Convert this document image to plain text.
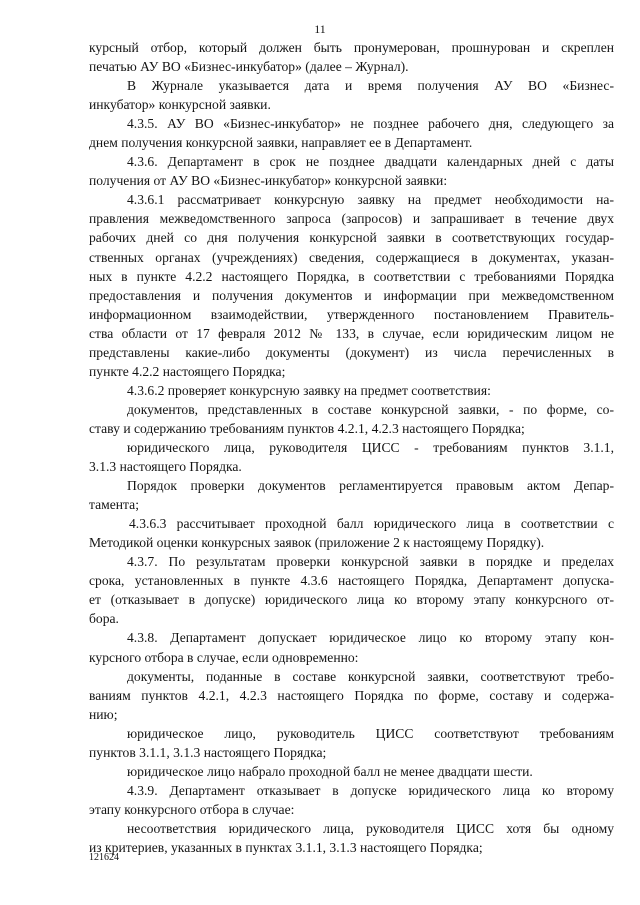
11
курсный отбор, который должен быть пронумерован, прошнурован и скреплен
печатью АУ ВО «Бизнес-инкубатор» (далее – Журнал).
В Журнале указывается дата и время получения АУ ВО «Бизнес-
инкубатор» конкурсной заявки.
4.3.5. АУ ВО «Бизнес-инкубатор» не позднее рабочего дня, следующего за
днем получения конкурсной заявки, направляет ее в Департамент.
4.3.6. Департамент в срок не позднее двадцати календарных дней с даты
получения от АУ ВО «Бизнес-инкубатор» конкурсной заявки:
4.3.6.1 рассматривает конкурсную заявку на предмет необходимости на-
правления межведомственного запроса (запросов) и запрашивает в течение двух
рабочих дней со дня получения конкурсной заявки в соответствующих государ-
ственных органах (учреждениях) сведения, содержащиеся в документах, указан-
ных в пункте 4.2.2 настоящего Порядка, в соответствии с требованиями Порядка
предоставления и получения документов и информации при межведомственном
информационном взаимодействии, утвержденного постановлением Правитель-
ства области от 17 февраля 2012 № 133, в случае, если юридическим лицом не
представлены какие-либо документы (документ) из числа перечисленных в
пункте 4.2.2 настоящего Порядка;
4.3.6.2 проверяет конкурсную заявку на предмет соответствия:
документов, представленных в составе конкурсной заявки, - по форме, со-
ставу и содержанию требованиям пунктов 4.2.1, 4.2.3 настоящего Порядка;
юридического лица, руководителя ЦИСС - требованиям пунктов 3.1.1,
3.1.3 настоящего Порядка.
Порядок проверки документов регламентируется правовым актом Депар-
тамента;
4.3.6.3 рассчитывает проходной балл юридического лица в соответствии с
Методикой оценки конкурсных заявок (приложение 2 к настоящему Порядку).
4.3.7. По результатам проверки конкурсной заявки в порядке и пределах
срока, установленных в пункте 4.3.6 настоящего Порядка, Департамент допуска-
ет (отказывает в допуске) юридического лица ко второму этапу конкурсного от-
бора.
4.3.8. Департамент допускает юридическое лицо ко второму этапу кон-
курсного отбора в случае, если одновременно:
документы, поданные в составе конкурсной заявки, соответствуют требо-
ваниям пунктов 4.2.1, 4.2.3 настоящего Порядка по форме, составу и содержа-
нию;
юридическое лицо, руководитель ЦИСС соответствуют требованиям
пунктов 3.1.1, 3.1.3 настоящего Порядка;
юридическое лицо набрало проходной балл не менее двадцати шести.
4.3.9. Департамент отказывает в допуске юридического лица ко второму
этапу конкурсного отбора в случае:
несоответствия юридического лица, руководителя ЦИСС хотя бы одному
из критериев, указанных в пунктах 3.1.1, 3.1.3 настоящего Порядка;
121624
